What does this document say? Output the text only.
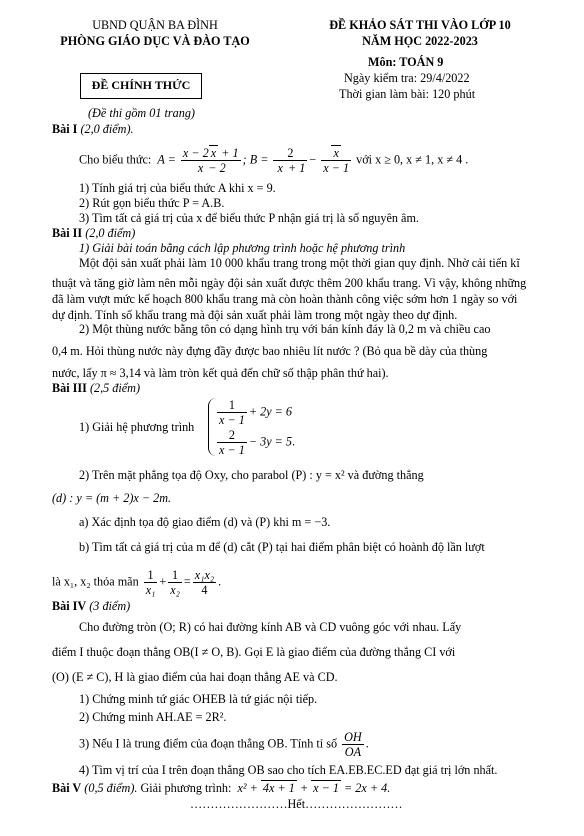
UBND QUẬN BA ĐÌNH
PHÒNG GIÁO DỤC VÀ ĐÀO TẠO
ĐỀ KHẢO SÁT THI VÀO LỚP 10
NĂM HỌC 2022-2023
Môn: TOÁN 9
Ngày kiểm tra: 29/4/2022
Thời gian làm bài: 120 phút
ĐỀ CHÍNH THỨC
(Đề thi gồm 01 trang)
Bài I (2,0 điểm).
Cho biểu thức:  $A = \frac{x - 2 x + 1}{x - 2}$ ; $B = \frac{2}{x + 1} - \frac{x}{x - 1}$ với x ≥ 0, x ≠ 1, x ≠ 4 .
1) Tính giá trị của biểu thức A khi x = 9.
2) Rút gọn biểu thức P = A.B.
3) Tìm tất cả giá trị của x để biểu thức P nhận giá trị là số nguyên âm.
Bài II (2,0 điểm)
1) Giải bài toán bằng cách lập phương trình hoặc hệ phương trình
Một đội sản xuất phải làm 10 000 khẩu trang trong một thời gian quy định. Nhờ cải tiến kĩ
thuật và tăng giờ làm nên mỗi ngày đội sản xuất được thêm 200 khẩu trang. Vì vậy, không những
đã làm vượt mức kế hoạch 800 khẩu trang mà còn hoàn thành công việc sớm hơn 1 ngày so với
dự định. Tính số khẩu trang mà đội sản xuất phải làm trong một ngày theo dự định.
2) Một thùng nước bằng tôn có dạng hình trụ với bán kính đáy là 0,2 m và chiều cao
0,4 m. Hỏi thùng nước này đựng đầy được bao nhiêu lít nước ? (Bỏ qua bề dày của thùng
nước, lấy π ≈ 3,14 và làm tròn kết quả đến chữ số thập phân thứ hai).
Bài III (2,5 điểm)
1) Giải hệ phương trình $\frac{1}{x - 1} + 2y = 6$
$\frac{2}{x - 1} - 3y = 5$.
2) Trên mặt phẳng tọa độ Oxy, cho parabol (P) : y = x² và đường thẳng
(d) : y = (m + 2)x − 2m.
a) Xác định tọa độ giao điểm (d) và (P) khi m = −3.
b) Tìm tất cả giá trị của m để (d) cắt (P) tại hai điểm phân biệt có hoành độ lần lượt
là x₁, x₂ thỏa mãn $\frac{1}{\text{x₁}} + \frac{1}{\text{x₂}} = \frac{\text{x₁x₂}}{4}$ .
Bài IV (3 điểm)
Cho đường tròn (O; R) có hai đường kính AB và CD vuông góc với nhau. Lấy
điểm I thuộc đoạn thẳng OB(I ≠ O, B). Gọi E là giao điểm của đường thẳng CI với
(O) (E ≠ C), H là giao điểm của hai đoạn thẳng AE và CD.
1) Chứng minh tứ giác OHEB là tứ giác nội tiếp.
2) Chứng minh AH.AE = 2R².
3) Nếu I là trung điểm của đoạn thẳng OB. Tính tỉ số $\frac{OH}{OA}$ .
4) Tìm vị trí của I trên đoạn thẳng OB sao cho tích EA.EB.EC.ED đạt giá trị lớn nhất.
Bài V (0,5 điểm). Giải phương trình:  x² + 4x + 1 + x − 1 = 2x + 4.
……………………Hết……………………
